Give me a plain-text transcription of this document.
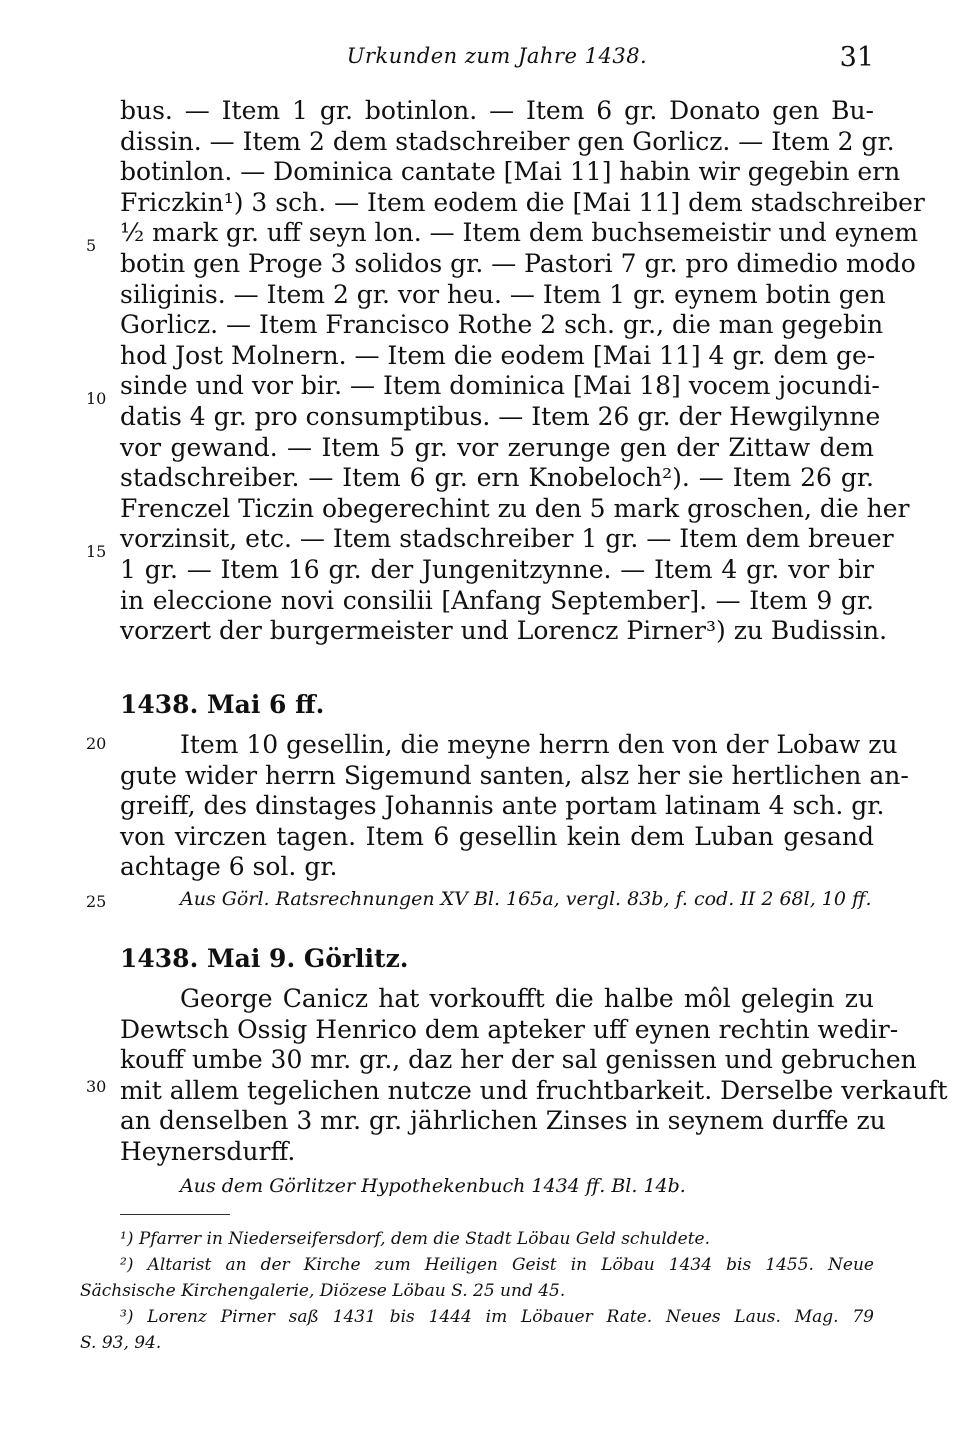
Urkunden zum Jahre 1438.	31
5
10
15
20
25
30
bus. — Item 1 gr. botinlon. — Item 6 gr. Donato gen Bu-
dissin. — Item 2 dem stadschreiber gen Gorlicz. — Item 2 gr.
botinlon. — Dominica cantate [Mai 11] habin wir gegebin ern
Friczkin¹) 3 sch. — Item eodem die [Mai 11] dem stadschreiber
½ mark gr. uff seyn lon. — Item dem buchsemeistir und eynem
botin gen Proge 3 solidos gr. — Pastori 7 gr. pro dimedio modo
siliginis. — Item 2 gr. vor heu. — Item 1 gr. eynem botin gen
Gorlicz. — Item Francisco Rothe 2 sch. gr., die man gegebin
hod Jost Molnern. — Item die eodem [Mai 11] 4 gr. dem ge-
sinde und vor bir. — Item dominica [Mai 18] vocem jocundi-
datis 4 gr. pro consumptibus. — Item 26 gr. der Hewgilynne
vor gewand. — Item 5 gr. vor zerunge gen der Zittaw dem
stadschreiber. — Item 6 gr. ern Knobeloch²). — Item 26 gr.
Frenczel Ticzin obegerechint zu den 5 mark groschen, die her
vorzinsit, etc. — Item stadschreiber 1 gr. — Item dem breuer
1 gr. — Item 16 gr. der Jungenitzynne. — Item 4 gr. vor bir
in eleccione novi consilii [Anfang September]. — Item 9 gr.
vorzert der burgermeister und Lorencz Pirner³) zu Budissin.
1438. Mai 6 ff.
Item 10 gesellin, die meyne herrn den von der Lobaw zu
gute wider herrn Sigemund santen, alsz her sie hertlichen an-
greiff, des dinstages Johannis ante portam latinam 4 sch. gr.
von virczen tagen. Item 6 gesellin kein dem Luban gesand
achtage 6 sol. gr.
Aus Görl. Ratsrechnungen XV Bl. 165a, vergl. 83b, f. cod. II 2 68l, 10 ff.
1438. Mai 9. Görlitz.
George Canicz hat vorkoufft die halbe môl gelegin zu
Dewtsch Ossig Henrico dem apteker uff eynen rechtin wedir-
kouff umbe 30 mr. gr., daz her der sal genissen und gebruchen
mit allem tegelichen nutcze und fruchtbarkeit. Derselbe verkauft
an denselben 3 mr. gr. jährlichen Zinses in seynem durffe zu
Heynersdurff.
Aus dem Görlitzer Hypothekenbuch 1434 ff. Bl. 14b.
¹) Pfarrer in Niederseifersdorf, dem die Stadt Löbau Geld schuldete.
²) Altarist an der Kirche zum Heiligen Geist in Löbau 1434 bis 1455. Neue
Sächsische Kirchengalerie, Diözese Löbau S. 25 und 45.
³) Lorenz Pirner saß 1431 bis 1444 im Löbauer Rate. Neues Laus. Mag. 79
S. 93, 94.
